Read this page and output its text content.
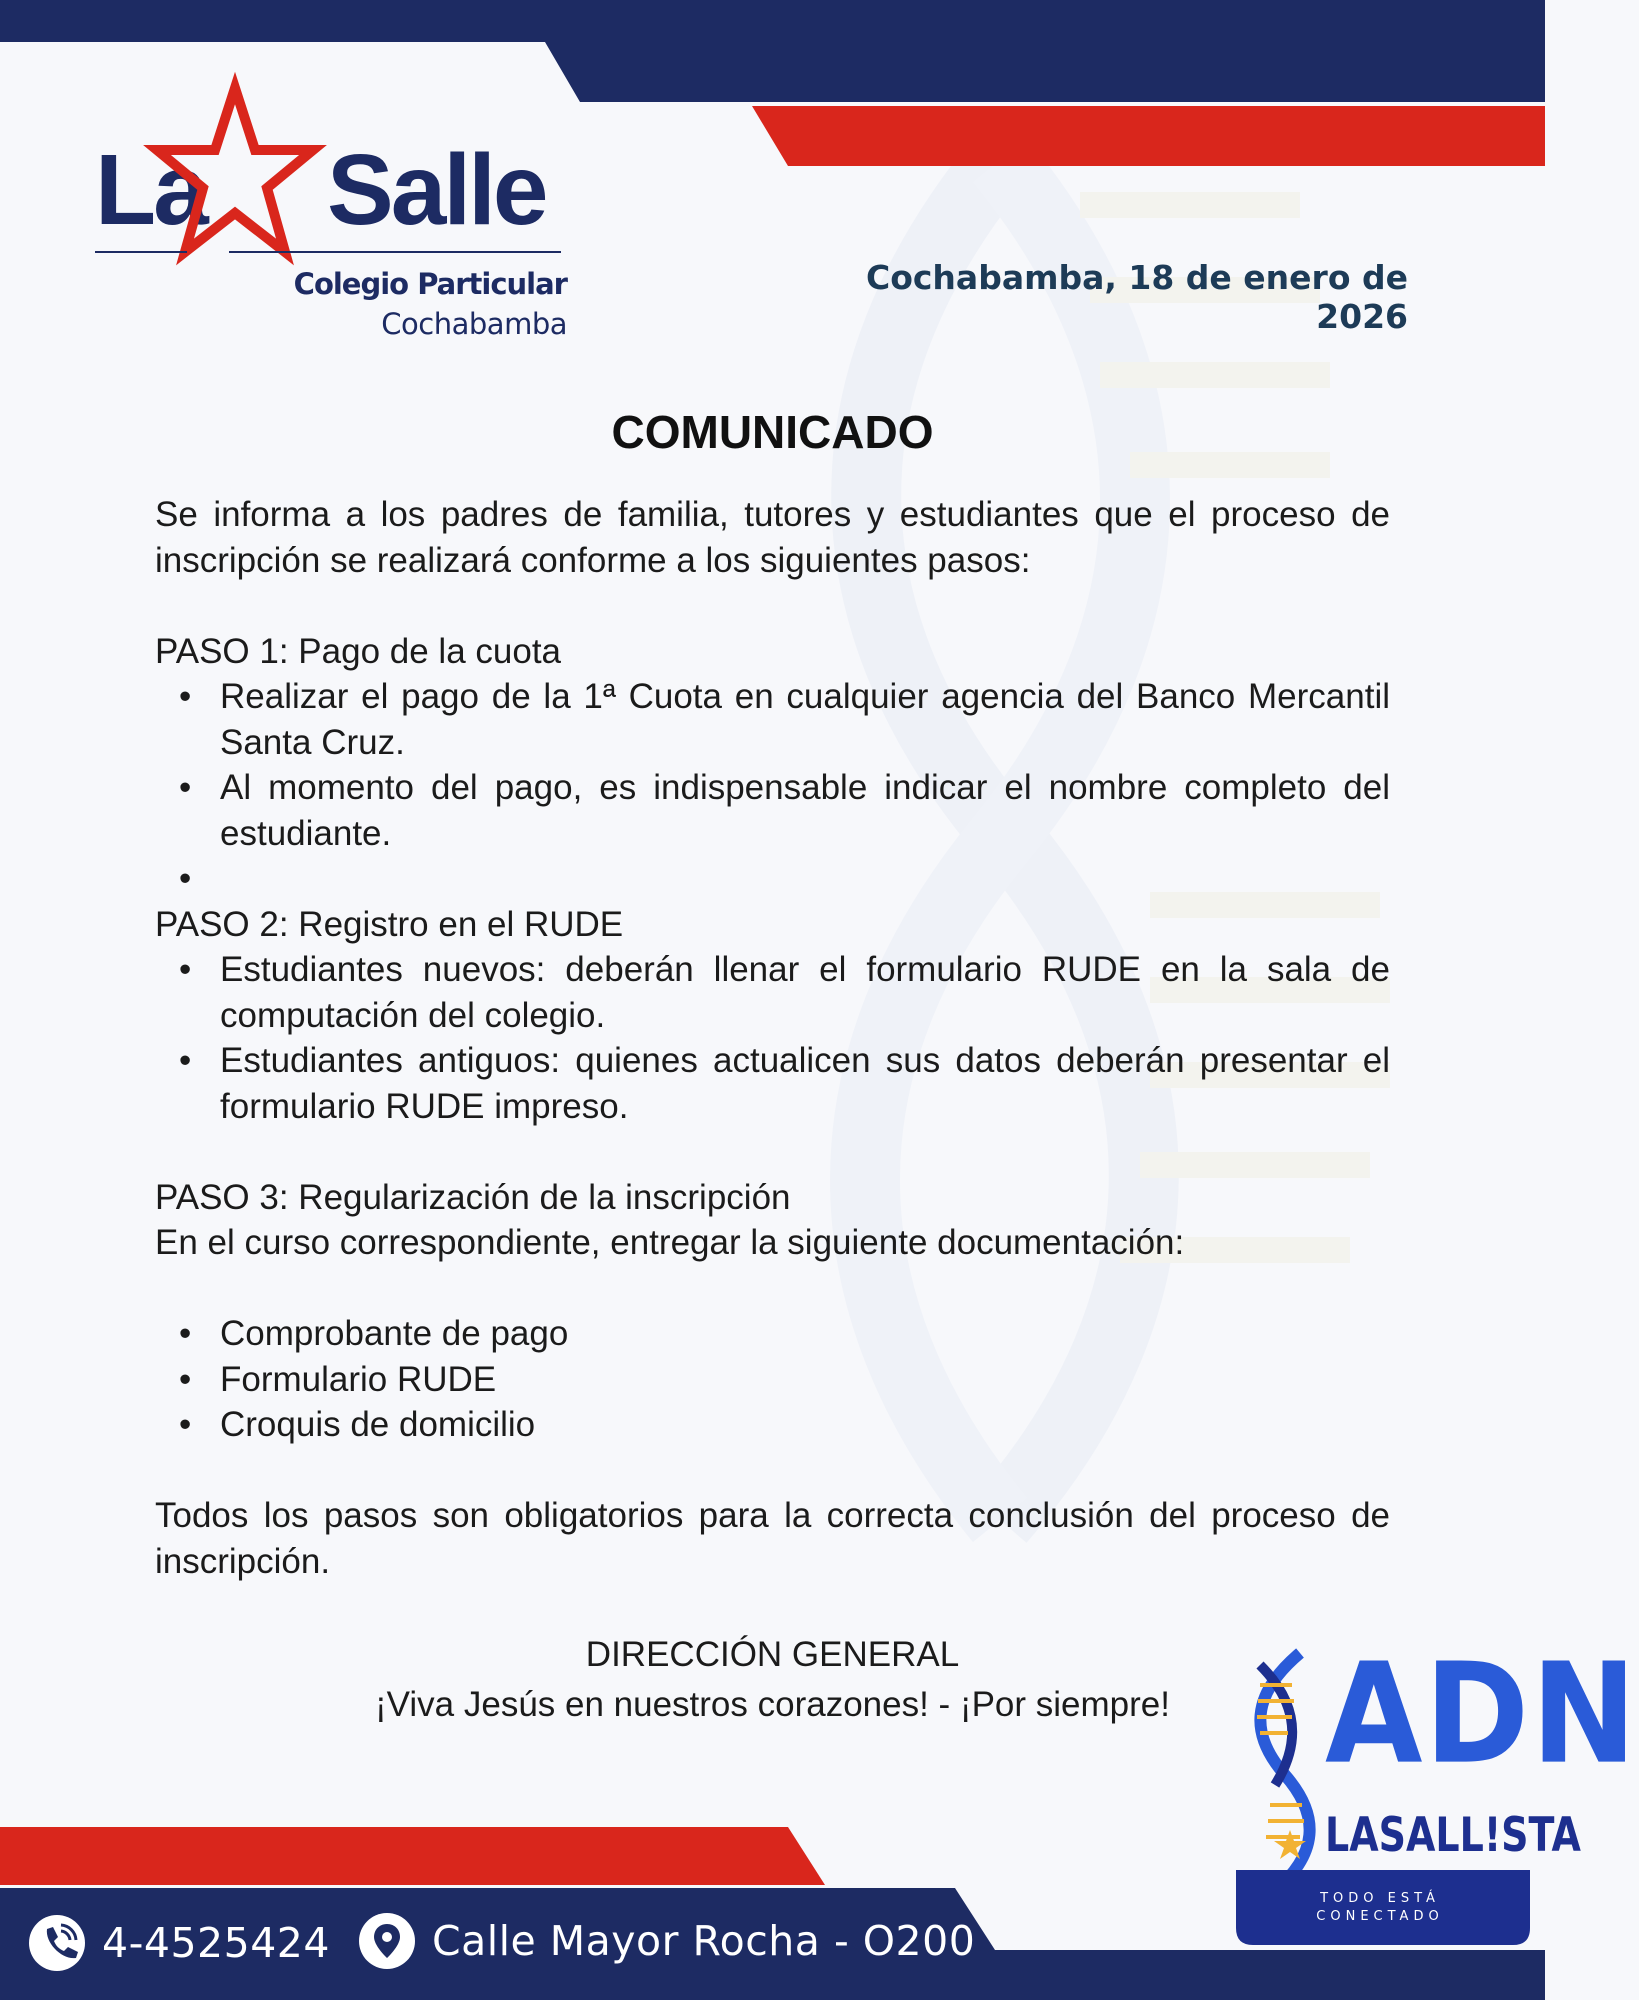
La Salle
Colegio Particular
Cochabamba
Cochabamba, 18 de enero de 2026
COMUNICADO

Se informa a los padres de familia, tutores y estudiantes que el proceso de inscripción se realizará conforme a los siguientes pasos:

PASO 1: Pago de la cuota

• Realizar el pago de la 1ª Cuota en cualquier agencia del Banco Mercantil Santa Cruz.
• Al momento del pago, es indispensable indicar el nombre completo del estudiante.
•

PASO 2: Registro en el RUDE

• Estudiantes nuevos: deberán llenar el formulario RUDE en la sala de computación del colegio.
• Estudiantes antiguos: quienes actualicen sus datos deberán presentar el formulario RUDE impreso.

PASO 3: Regularización de la inscripción

En el curso correspondiente, entregar la siguiente documentación:

• Comprobante de pago
• Formulario RUDE
• Croquis de domicilio

Todos los pasos son obligatorios para la correcta conclusión del proceso de inscripción.

DIRECCIÓN GENERAL
¡Viva Jesús en nuestros corazones! - ¡Por siempre!
4-4525424 Calle Mayor Rocha - O200
ADN
LASALL!STA
TODO ESTÁ
CONECTADO
